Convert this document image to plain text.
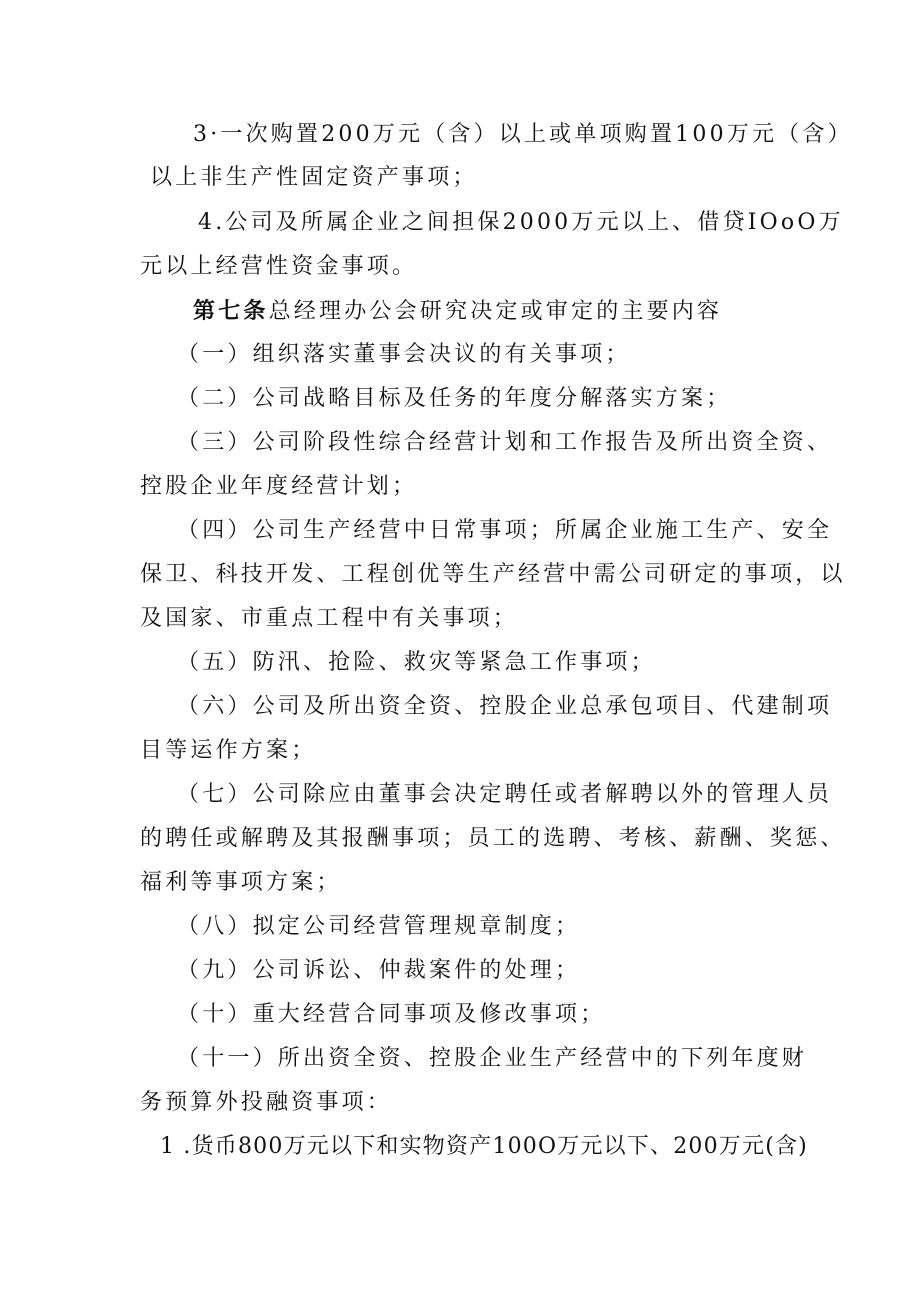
3·一次购置200万元（含）以上或单项购置100万元（含）
以上非生产性固定资产事项；
4.公司及所属企业之间担保2000万元以上、借贷IOoO万
元以上经营性资金事项。
第七条总经理办公会研究决定或审定的主要内容
（一）组织落实董事会决议的有关事项；
（二）公司战略目标及任务的年度分解落实方案；
（三）公司阶段性综合经营计划和工作报告及所出资全资、
控股企业年度经营计划；
（四）公司生产经营中日常事项；所属企业施工生产、安全
保卫、科技开发、工程创优等生产经营中需公司研定的事项，以
及国家、市重点工程中有关事项；
（五）防汛、抢险、救灾等紧急工作事项；
（六）公司及所出资全资、控股企业总承包项目、代建制项
目等运作方案；
（七）公司除应由董事会决定聘任或者解聘以外的管理人员
的聘任或解聘及其报酬事项；员工的选聘、考核、薪酬、奖惩、
福利等事项方案；
（八）拟定公司经营管理规章制度；
（九）公司诉讼、仲裁案件的处理；
（十）重大经营合同事项及修改事项；
（十一）所出资全资、控股企业生产经营中的下列年度财
务预算外投融资事项：
1 .货币800万元以下和实物资产100O万元以下、200万元(含)
